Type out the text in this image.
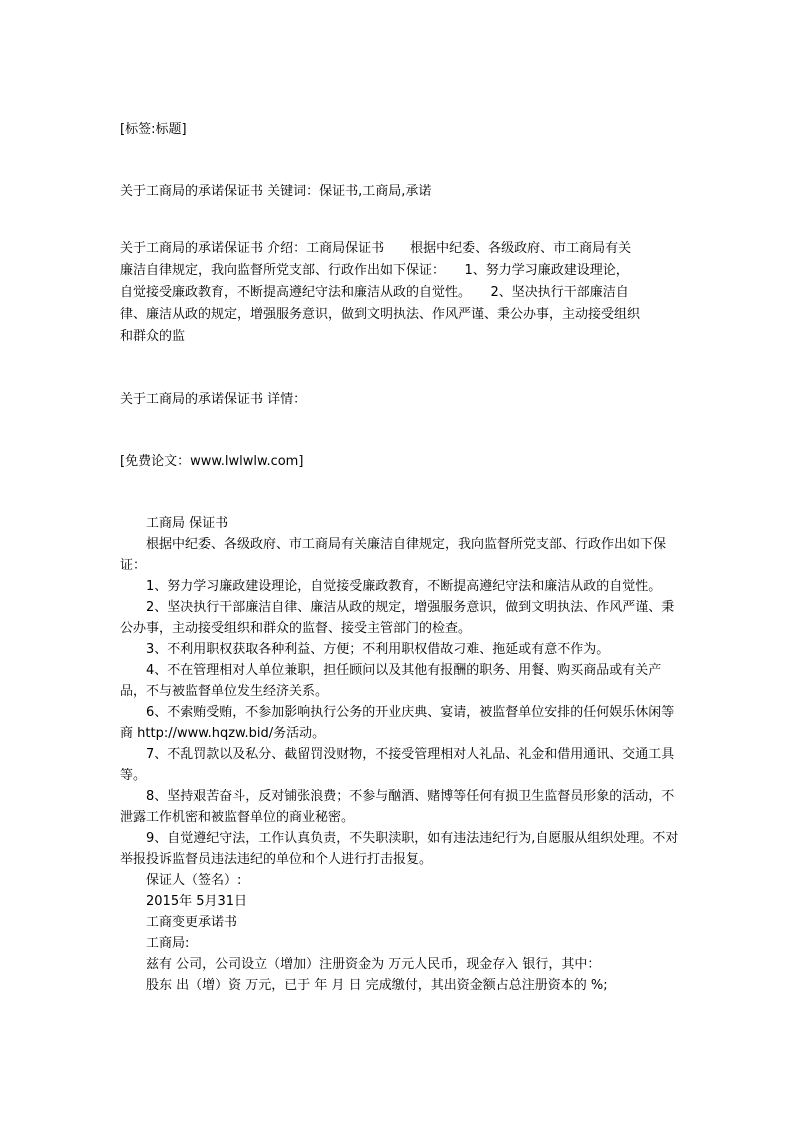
[标签:标题]

关于工商局的承诺保证书 关键词：保证书,工商局,承诺

关于工商局的承诺保证书 介绍：工商局保证书　　根据中纪委、各级政府、市工商局有关
廉洁自律规定，我向监督所党支部、行政作出如下保证：　　1、努力学习廉政建设理论，
自觉接受廉政教育，不断提高遵纪守法和廉洁从政的自觉性。　　2、坚决执行干部廉洁自
律、廉洁从政的规定，增强服务意识，做到文明执法、作风严谨、秉公办事，主动接受组织
和群众的监

关于工商局的承诺保证书 详情：

[免费论文：www.lwlwlw.com]

工商局 保证书

根据中纪委、各级政府、市工商局有关廉洁自律规定，我向监督所党支部、行政作出如下保证：

1、努力学习廉政建设理论，自觉接受廉政教育，不断提高遵纪守法和廉洁从政的自觉性。

2、坚决执行干部廉洁自律、廉洁从政的规定，增强服务意识，做到文明执法、作风严谨、秉公办事，主动接受组织和群众的监督、接受主管部门的检查。

3、不利用职权获取各种利益、方便；不利用职权借故刁难、拖延或有意不作为。

4、不在管理相对人单位兼职，担任顾问以及其他有报酬的职务、用餐、购买商品或有关产品，不与被监督单位发生经济关系。

6、不索贿受贿，不参加影响执行公务的开业庆典、宴请，被监督单位安排的任何娱乐休闲等商 http://www.hqzw.bid/务活动。

7、不乱罚款以及私分、截留罚没财物，不接受管理相对人礼品、礼金和借用通讯、交通工具等。

8、坚持艰苦奋斗，反对铺张浪费；不参与酗酒、赌博等任何有损卫生监督员形象的活动，不泄露工作机密和被监督单位的商业秘密。

9、自觉遵纪守法，工作认真负责，不失职渎职，如有违法违纪行为,自愿服从组织处理。不对举报投诉监督员违法违纪的单位和个人进行打击报复。

保证人（签名）:

2015年 5月31日

工商变更承诺书

工商局:

兹有 公司，公司设立（增加）注册资金为 万元人民币，现金存入 银行，其中：

股东 出（增）资 万元，已于 年 月 日 完成缴付，其出资金额占总注册资本的 %;
